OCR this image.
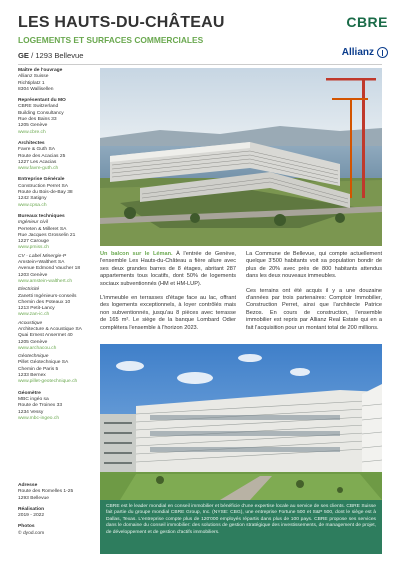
LES HAUTS-DU-CHÂTEAU
LOGEMENTS ET SURFACES COMMERCIALES
GE / 1293 Bellevue
CBRE
Allianz
Maître de l'ouvrage
Allianz Suisse
Richtiplatz 1
8304 Wallisellen
Représentant du MO
CBRE Switzerland
Building Consultancy
Rue des Bains 33
1205 Genève
www.cbre.ch
Architectes
Favre & Guth SA
Route des Acacias 25
1227 Les Acacias
www.favre-guth.ch
Entreprise Générale
Construction Perret SA
Route du Bois-de-Bay 38
1242 Satigny
www.cpsa.ch
Bureaux techniques
Ingénieur civil
Perreten & Milleret SA
Rue Jacques Grosselin 21
1227 Carouge
www.pmiss.ch
CV - Label Minergie-P
Amstein+Walthert SA
Avenue Edmond Vaucher 18
1203 Genève
www.amstein-walthert.ch
Electricité
Zanetti Ingénieurs-conseils
Chemin des Poteaux 10
1213 Petit-Lancy
www.zan-ic.ch
Acoustique
Architecture & Acoustique SA
Quai Ernest Ansermet 40
1205 Genève
www.archacou.ch
Géotechnique
Pillet Géotechnique SA
Chemin de Paris 5
1233 Bernex
www.pillet-geotechnique.ch
Géomètre
MBC ingéo sa
Route de Troinex 33
1234 Vessy
www.mbc-ingeo.ch
Adresse
Route des Romelles 1-25
1293 Bellevue
Réalisation
2019 - 2022
Photos
© dyod.com

Un balcon sur le Léman. À l'entrée de Genève, l'ensemble Les Hauts-du-Château a fière allure avec ses deux grandes barres de 8 étages, abritant 287 appartements tous locatifs, dont 50% de logements sociaux subventionnés (HM et HM-LUP).

L'immeuble en terrasses d'étage face au lac, offrant des logements exceptionnels, à loyer contrôlés mais non subventionnés, jusqu'au 8 pièces avec terrasse de 165 m². Le siège de la banque Lombard Odier complétera l'ensemble à l'horizon 2023.

La Commune de Bellevue, qui compte actuellement quelque 3'500 habitants voit sa population bondir de plus de 20% avec près de 800 habitants attendus dans les deux nouveaux immeubles.

Ces terrains ont été acquis il y a une douzaine d'années par trois partenaires: Comptoir Immobilier, Construction Perret, ainsi que l'architecte Patrice Bezos. En cours de construction, l'ensemble immobilier est repris par Allianz Real Estate qui en a fait l'acquisition pour un montant total de 200 millions.

CBRE est le leader mondial en conseil immobilier et bénéficie d'une expertise locale au service de ses clients. CBRE Suisse fait partie du groupe mondial CBRE Group, Inc. (NYSE: CBG), une entreprise Fortune 500 et S&P 500, dont le siège est à Dallas, Texas. L'entreprise compte plus de 120'000 employés répartis dans plus de 100 pays. CBRE propose ses services dans le domaine du conseil immobilier: des solutions de gestion stratégique des investissements, de management de projet, de développement et de gestion d'actifs immobiliers.
